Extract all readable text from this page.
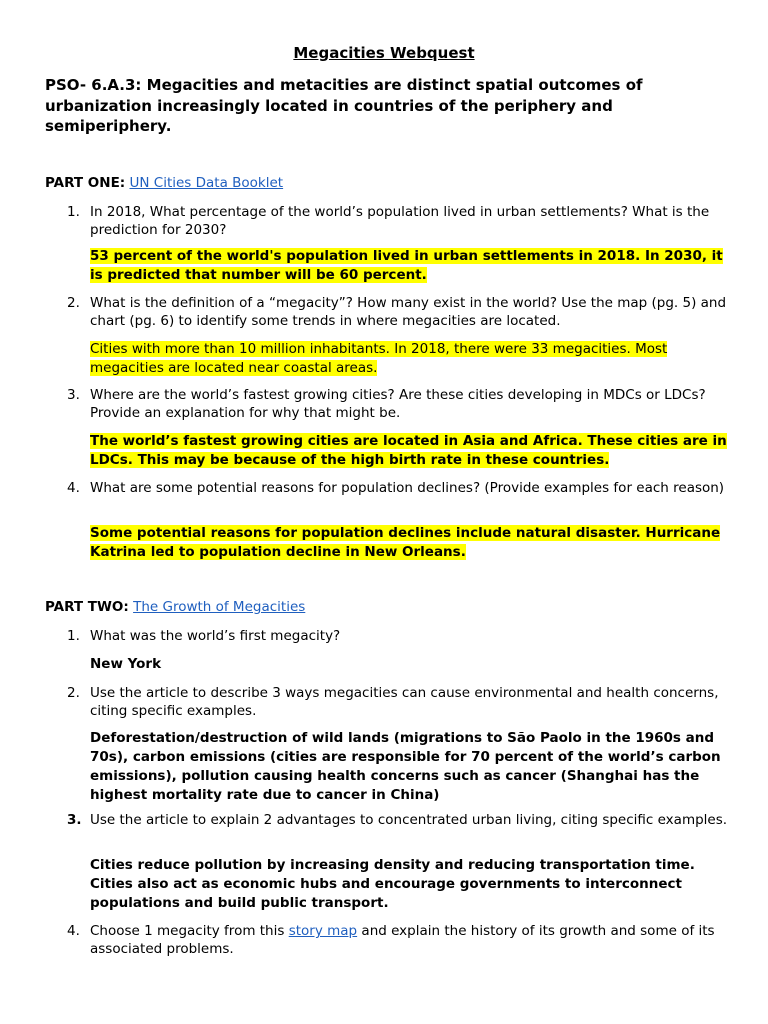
Megacities Webquest
PSO- 6.A.3: Megacities and metacities are distinct spatial outcomes of urbanization increasingly located in countries of the periphery and semiperiphery.
PART ONE: UN Cities Data Booklet
1. In 2018, What percentage of the world’s population lived in urban settlements? What is the prediction for 2030?
53 percent of the world's population lived in urban settlements in 2018. In 2030, it is predicted that number will be 60 percent.
2. What is the definition of a “megacity”? How many exist in the world? Use the map (pg. 5) and chart (pg. 6) to identify some trends in where megacities are located.
Cities with more than 10 million inhabitants. In 2018, there were 33 megacities. Most megacities are located near coastal areas.
3. Where are the world’s fastest growing cities? Are these cities developing in MDCs or LDCs? Provide an explanation for why that might be.
The world’s fastest growing cities are located in Asia and Africa. These cities are in LDCs. This may be because of the high birth rate in these countries.
4. What are some potential reasons for population declines? (Provide examples for each reason)
Some potential reasons for population declines include natural disaster. Hurricane Katrina led to population decline in New Orleans.
PART TWO: The Growth of Megacities
1. What was the world’s first megacity?
New York
2. Use the article to describe 3 ways megacities can cause environmental and health concerns, citing specific examples.
Deforestation/destruction of wild lands (migrations to São Paolo in the 1960s and 70s), carbon emissions (cities are responsible for 70 percent of the world’s carbon emissions), pollution causing health concerns such as cancer (Shanghai has the highest mortality rate due to cancer in China)
3. Use the article to explain 2 advantages to concentrated urban living, citing specific examples.
Cities reduce pollution by increasing density and reducing transportation time. Cities also act as economic hubs and encourage governments to interconnect populations and build public transport.
4. Choose 1 megacity from this story map and explain the history of its growth and some of its associated problems.
